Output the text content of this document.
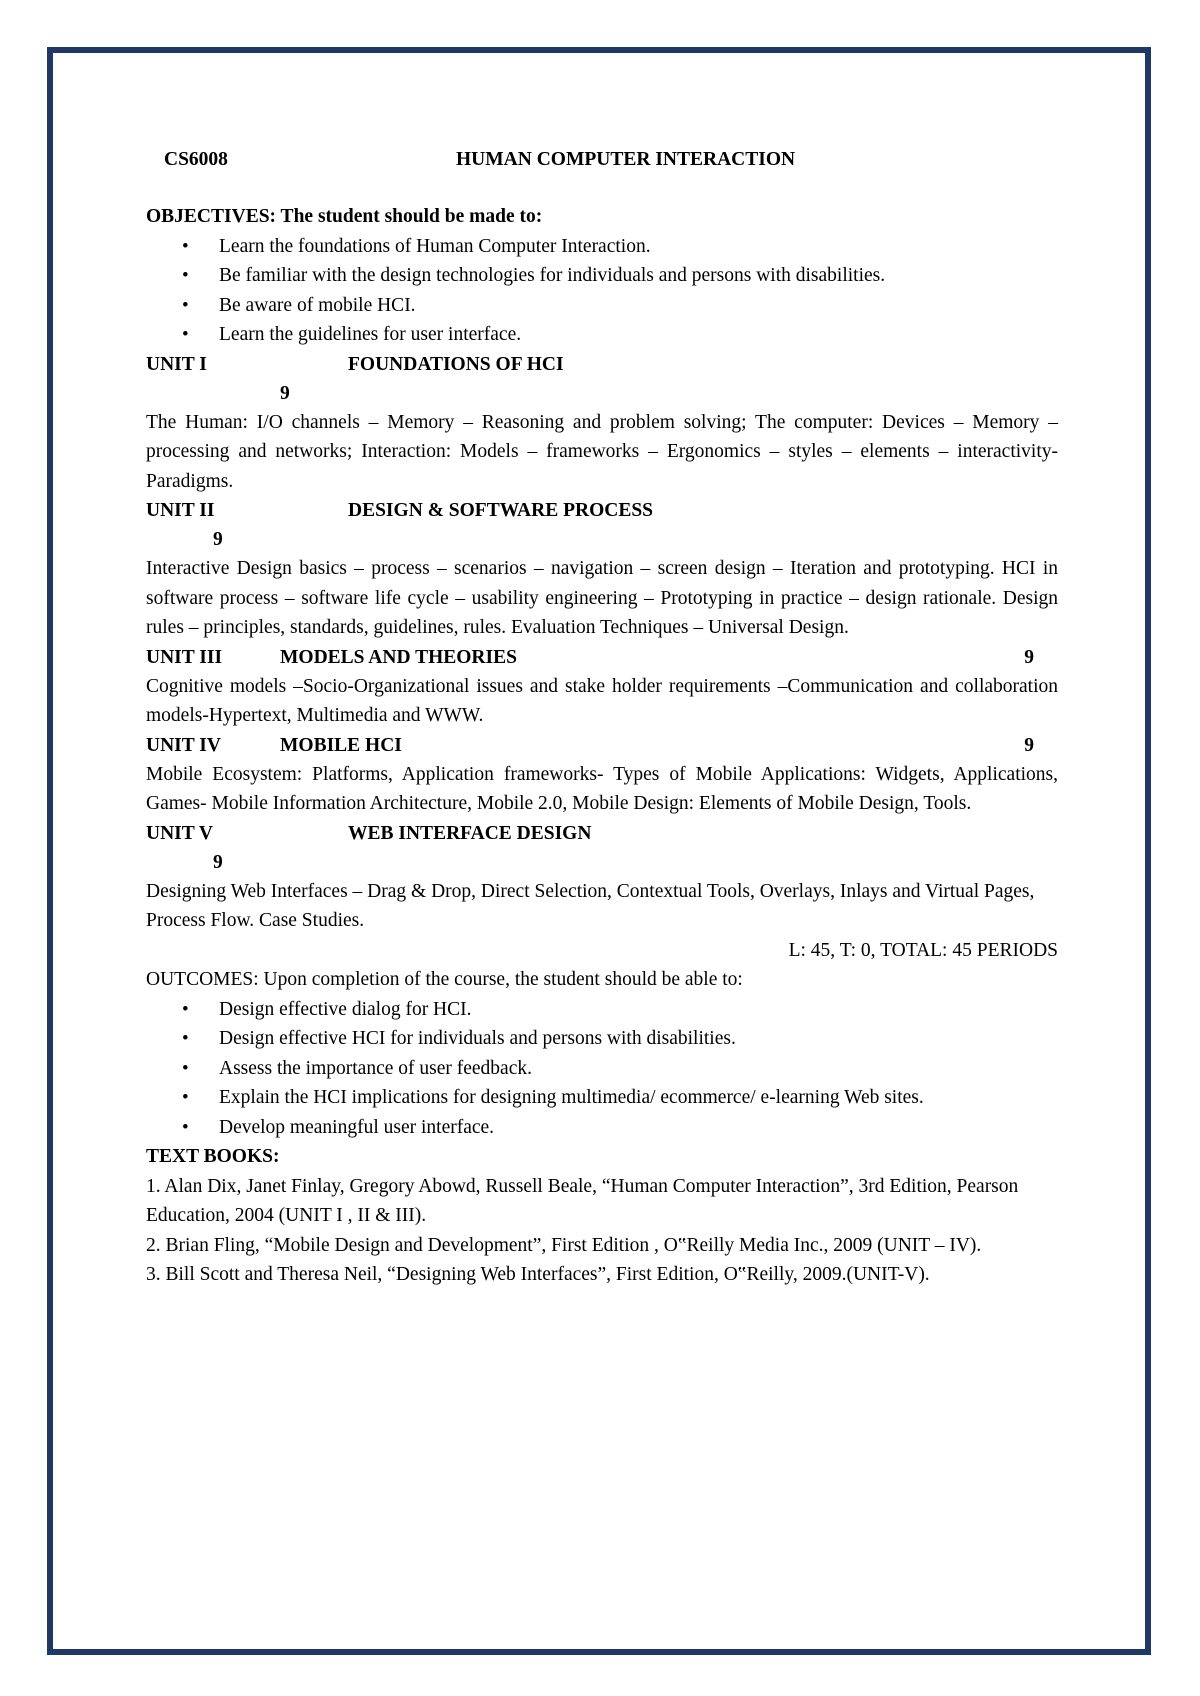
CS6008	HUMAN COMPUTER INTERACTION
OBJECTIVES: The student should be made to:
• Learn the foundations of Human Computer Interaction.
• Be familiar with the design technologies for individuals and persons with disabilities.
• Be aware of mobile HCI.
• Learn the guidelines for user interface.
UNIT I	FOUNDATIONS OF HCI
9
The Human: I/O channels – Memory – Reasoning and problem solving; The computer: Devices – Memory – processing and networks; Interaction: Models – frameworks – Ergonomics – styles – elements – interactivity- Paradigms.
UNIT II	DESIGN & SOFTWARE PROCESS
9
Interactive Design basics – process – scenarios – navigation – screen design – Iteration and prototyping. HCI in software process – software life cycle – usability engineering – Prototyping in practice – design rationale. Design rules – principles, standards, guidelines, rules. Evaluation Techniques – Universal Design.
UNIT III	MODELS AND THEORIES	9
Cognitive models –Socio-Organizational issues and stake holder requirements –Communication and collaboration models-Hypertext, Multimedia and WWW.
UNIT IV	MOBILE HCI	9
Mobile Ecosystem: Platforms, Application frameworks- Types of Mobile Applications: Widgets, Applications, Games- Mobile Information Architecture, Mobile 2.0, Mobile Design: Elements of Mobile Design, Tools.
UNIT V	WEB INTERFACE DESIGN
9
Designing Web Interfaces – Drag & Drop, Direct Selection, Contextual Tools, Overlays, Inlays and Virtual Pages, Process Flow. Case Studies.
L: 45, T: 0, TOTAL: 45 PERIODS
OUTCOMES: Upon completion of the course, the student should be able to:
• Design effective dialog for HCI.
• Design effective HCI for individuals and persons with disabilities.
• Assess the importance of user feedback.
• Explain the HCI implications for designing multimedia/ ecommerce/ e-learning Web sites.
• Develop meaningful user interface.
TEXT BOOKS:
1. Alan Dix, Janet Finlay, Gregory Abowd, Russell Beale, “Human Computer Interaction”, 3rd Edition, Pearson Education, 2004 (UNIT I , II & III).
2. Brian Fling, “Mobile Design and Development”, First Edition , O‟Reilly Media Inc., 2009 (UNIT – IV).
3. Bill Scott and Theresa Neil, “Designing Web Interfaces”, First Edition, O‟Reilly, 2009.(UNIT-V).
